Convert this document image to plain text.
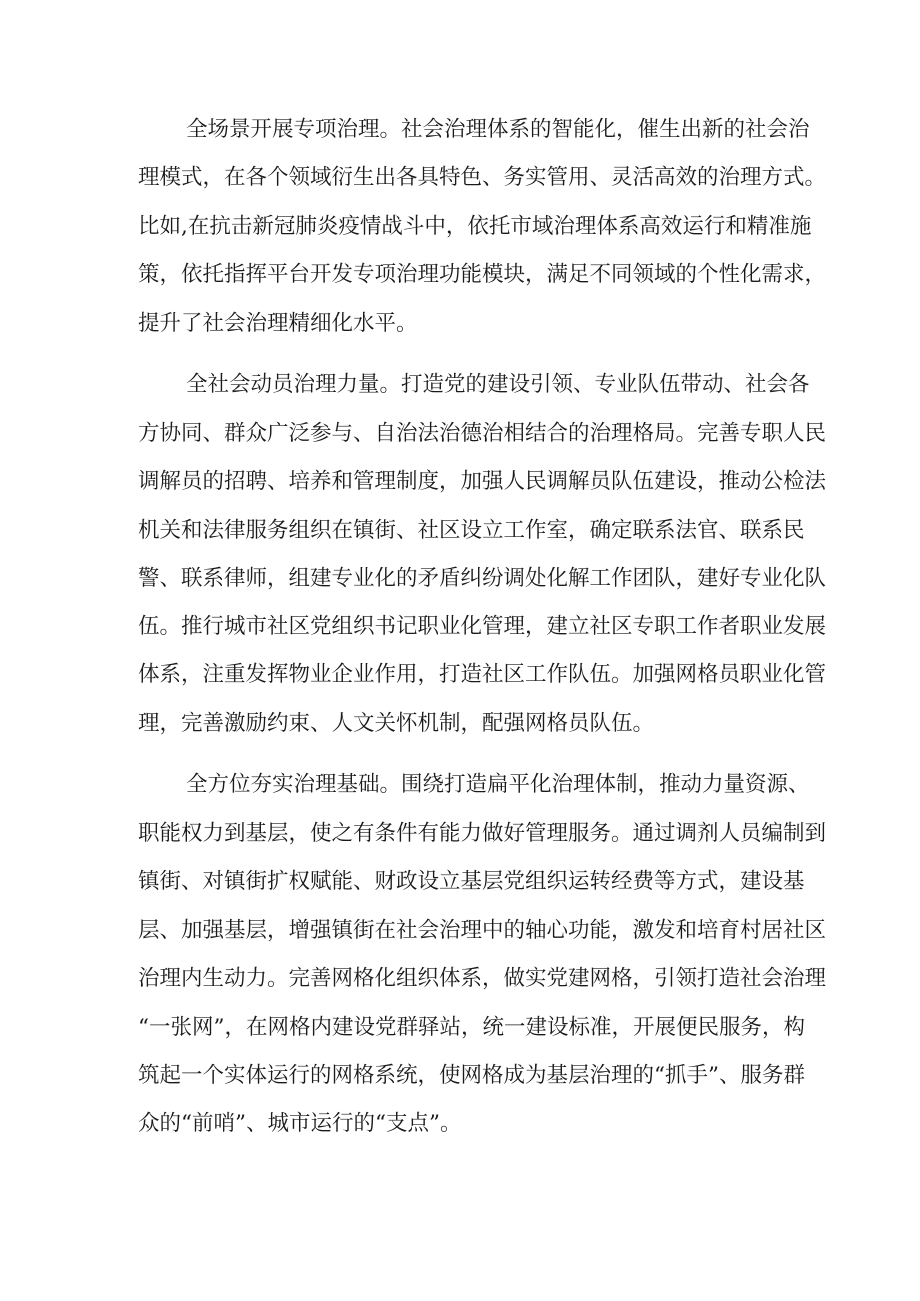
全场景开展专项治理。社会治理体系的智能化，催生出新的社会治

理模式，在各个领域衍生出各具特色、务实管用、灵活高效的治理方式。

比如,在抗击新冠肺炎疫情战斗中，依托市域治理体系高效运行和精准施

策，依托指挥平台开发专项治理功能模块，满足不同领域的个性化需求，

提升了社会治理精细化水平。

全社会动员治理力量。打造党的建设引领、专业队伍带动、社会各

方协同、群众广泛参与、自治法治德治相结合的治理格局。完善专职人民

调解员的招聘、培养和管理制度，加强人民调解员队伍建设，推动公检法

机关和法律服务组织在镇街、社区设立工作室，确定联系法官、联系民

警、联系律师，组建专业化的矛盾纠纷调处化解工作团队，建好专业化队

伍。推行城市社区党组织书记职业化管理，建立社区专职工作者职业发展

体系，注重发挥物业企业作用，打造社区工作队伍。加强网格员职业化管

理，完善激励约束、人文关怀机制，配强网格员队伍。

全方位夯实治理基础。围绕打造扁平化治理体制，推动力量资源、

职能权力到基层，使之有条件有能力做好管理服务。通过调剂人员编制到

镇街、对镇街扩权赋能、财政设立基层党组织运转经费等方式，建设基

层、加强基层，增强镇街在社会治理中的轴心功能，激发和培育村居社区

治理内生动力。完善网格化组织体系，做实党建网格，引领打造社会治理

“一张网”，在网格内建设党群驿站，统一建设标准，开展便民服务，构

筑起一个实体运行的网格系统，使网格成为基层治理的“抓手”、服务群

众的“前哨”、城市运行的“支点”。
